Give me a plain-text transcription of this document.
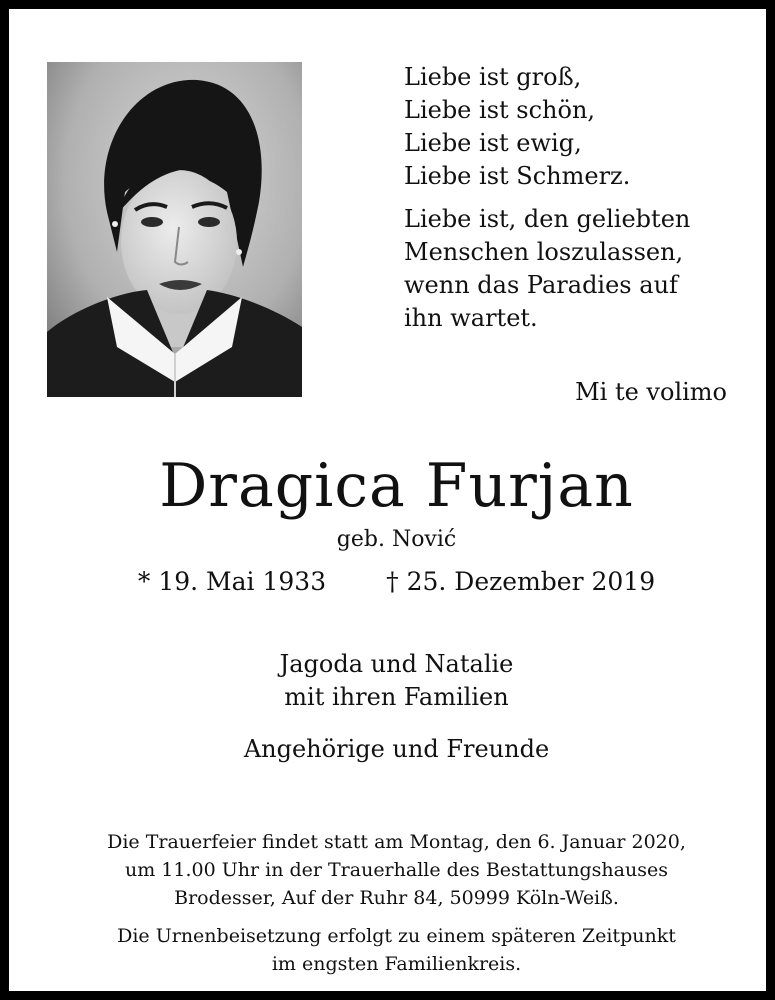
Liebe ist groß,
Liebe ist schön,
Liebe ist ewig,
Liebe ist Schmerz.
Liebe ist, den geliebten
Menschen loszulassen,
wenn das Paradies auf
ihn wartet.
Mi te volimo
Dragica Furjan
geb. Nović
* 19. Mai 1933 † 25. Dezember 2019
Jagoda und Natalie
mit ihren Familien
Angehörige und Freunde
Die Trauerfeier findet statt am Montag, den 6. Januar 2020,
um 11.00 Uhr in der Trauerhalle des Bestattungshauses
Brodesser, Auf der Ruhr 84, 50999 Köln-Weiß.
Die Urnenbeisetzung erfolgt zu einem späteren Zeitpunkt
im engsten Familienkreis.
